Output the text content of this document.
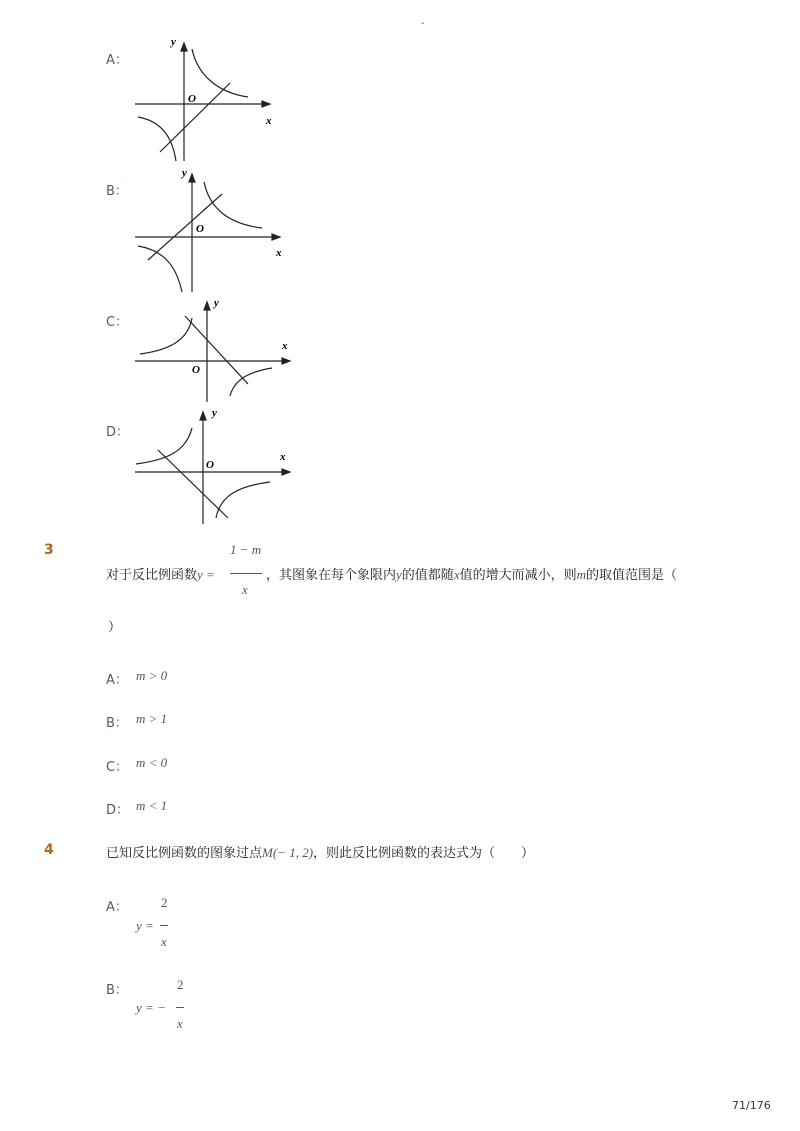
-
A：
y
O
x
B：
y
O
x
C：
y
O
x
D：
y
O
x
3
对于反比例函数y =
1 − m
x
，其图象在每个象限内y的值都随x值的增大而减小，则m的取值范围是（
）
A： m > 0
B： m > 1
C： m < 0
D： m < 1
4	已知反比例函数的图象过点M(− 1, 2)，则此反比例函数的表达式为（　　）
A：
y =
2
x
B：
y = −
2
x
71/176
